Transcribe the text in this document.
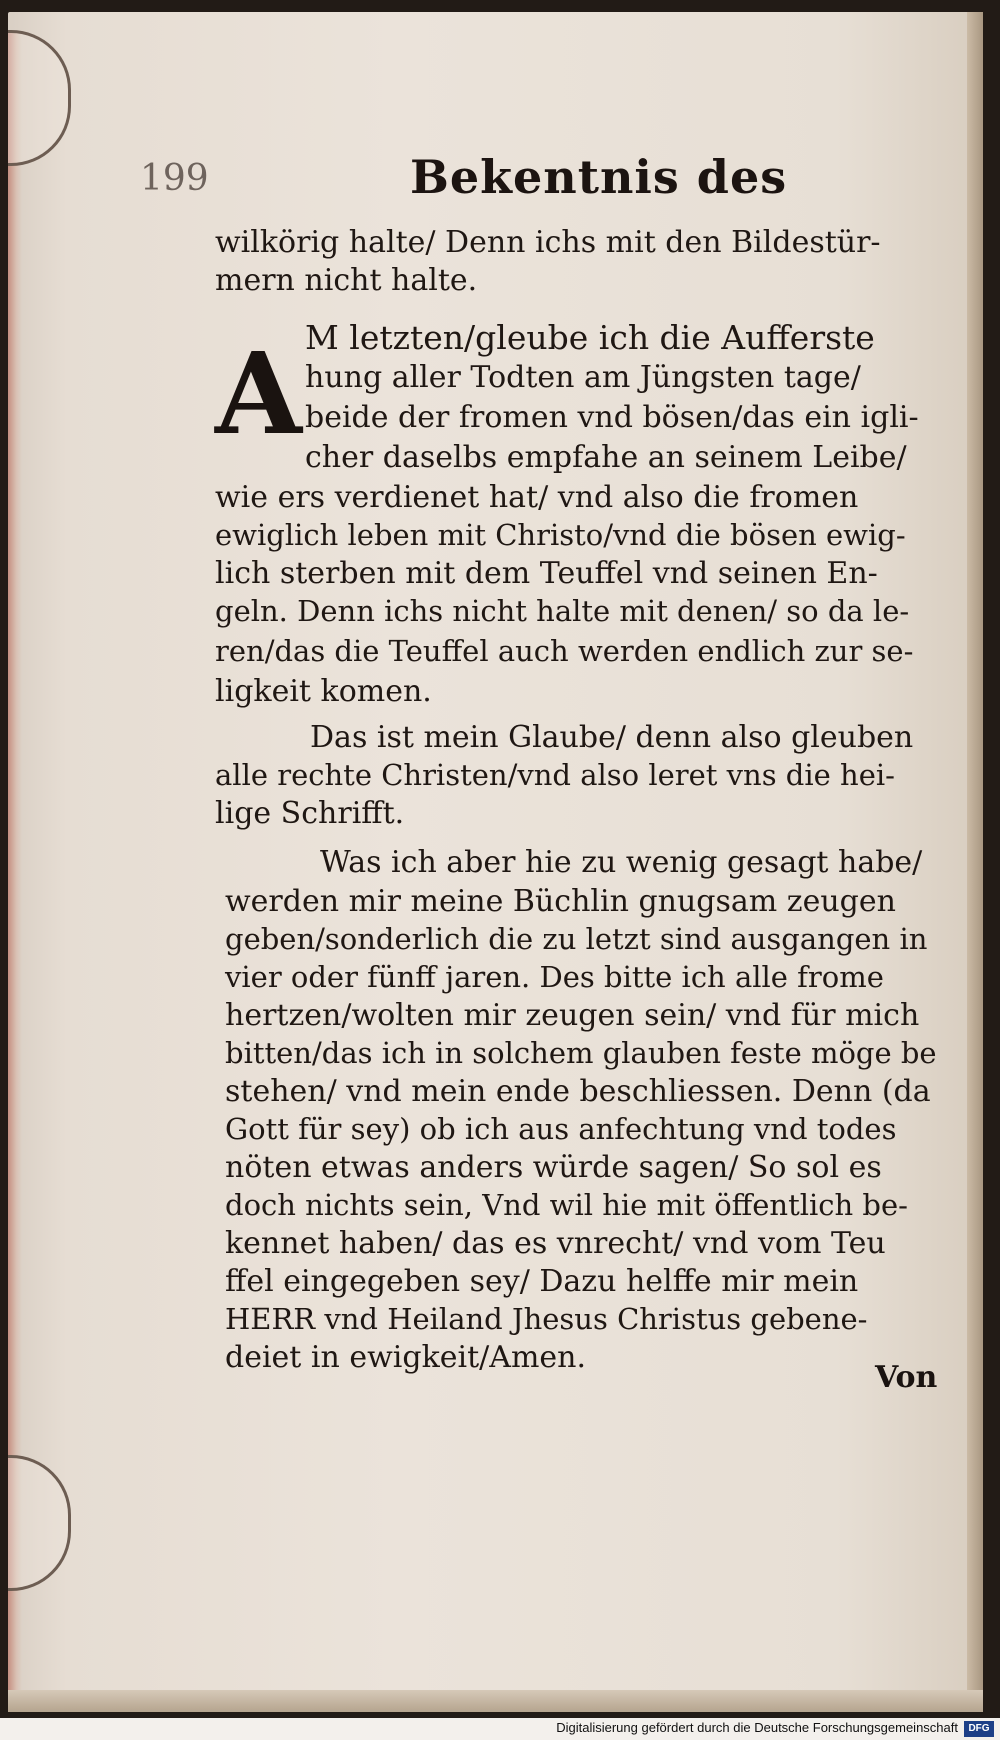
199	Bekentnis des
A
wilkörig halte/ Denn ichs mit den Bildestür-
mern nicht halte.
M letzten/gleube ich die Aufferste
hung aller Todten am Jüngsten tage/
beide der fromen vnd bösen/das ein igli-
cher daselbs empfahe an seinem Leibe/
wie ers verdienet hat/ vnd also die fromen
ewiglich leben mit Christo/vnd die bösen ewig-
lich sterben mit dem Teuffel vnd seinen En-
geln. Denn ichs nicht halte mit denen/ so da le-
ren/das die Teuffel auch werden endlich zur se-
ligkeit komen.
Das ist mein Glaube/ denn also gleuben
alle rechte Christen/vnd also leret vns die hei-
lige Schrifft.
Was ich aber hie zu wenig gesagt habe/
werden mir meine Büchlin gnugsam zeugen
geben/sonderlich die zu letzt sind ausgangen in
vier oder fünff jaren. Des bitte ich alle frome
hertzen/wolten mir zeugen sein/ vnd für mich
bitten/das ich in solchem glauben feste möge be
stehen/ vnd mein ende beschliessen. Denn (da
Gott für sey) ob ich aus anfechtung vnd todes
nöten etwas anders würde sagen/ So sol es
doch nichts sein, Vnd wil hie mit öffentlich be-
kennet haben/ das es vnrecht/ vnd vom Teu
ffel eingegeben sey/ Dazu helffe mir mein
HERR vnd Heiland Jhesus Christus gebene-
deiet in ewigkeit/Amen.
Von
Digitalisierung gefördert durch die Deutsche Forschungsgemeinschaft	DFG
